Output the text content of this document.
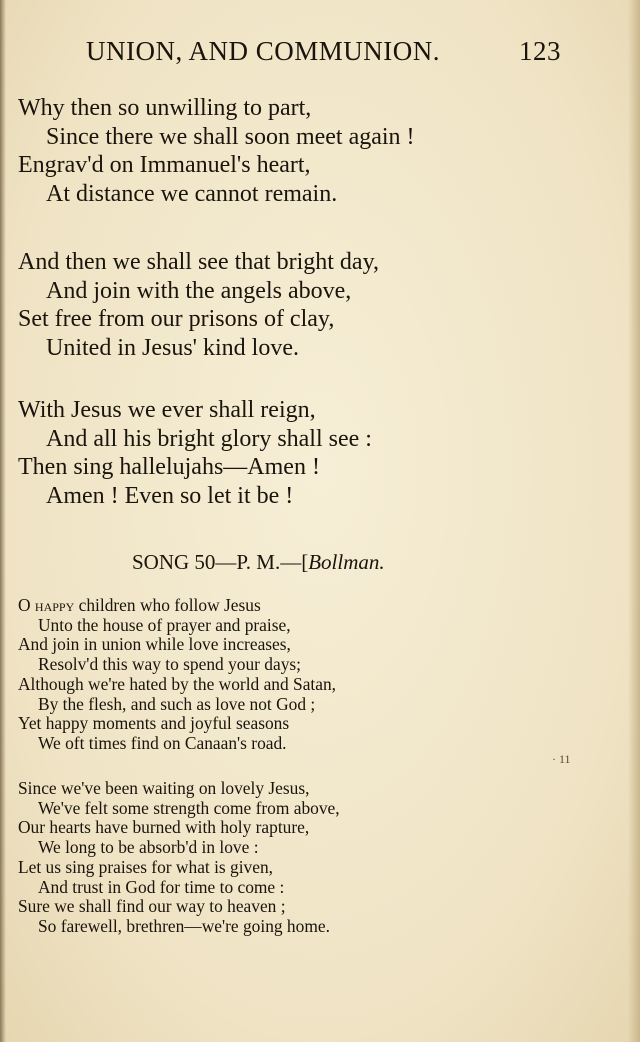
UNION, AND COMMUNION.	123
Why then so unwilling to part,
Since there we shall soon meet again !
Engrav'd on Immanuel's heart,
At distance we cannot remain.
And then we shall see that bright day,
And join with the angels above,
Set free from our prisons of clay,
United in Jesus' kind love.
With Jesus we ever shall reign,
And all his bright glory shall see :
Then sing hallelujahs—Amen !
Amen ! Even so let it be !
SONG 50—P. M.—[Bollman.
O happy children who follow Jesus
Unto the house of prayer and praise,
And join in union while love increases,
Resolv'd this way to spend your days;
Although we're hated by the world and Satan,
By the flesh, and such as love not God ;
Yet happy moments and joyful seasons
We oft times find on Canaan's road.
· 11
Since we've been waiting on lovely Jesus,
We've felt some strength come from above,
Our hearts have burned with holy rapture,
We long to be absorb'd in love :
Let us sing praises for what is given,
And trust in God for time to come :
Sure we shall find our way to heaven ;
So farewell, brethren—we're going home.
